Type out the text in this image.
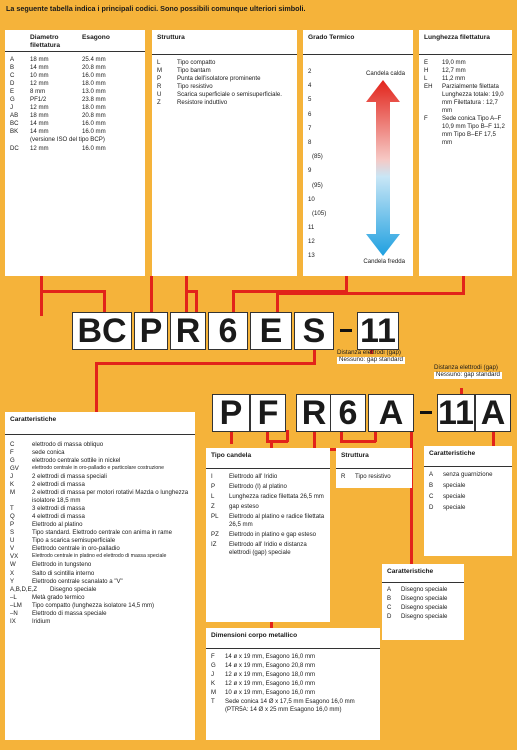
La seguente tabella indica i principali codici. Sono possibili comunque ulteriori simboli.
Diametro filettatura
Esagono
A	18 mm	25.4 mm
B	14 mm	20.8 mm
C	10 mm	16.0 mm
D	12 mm	18.0 mm
E	8 mm	13.0 mm
G	PF1/2	23.8 mm
J	12 mm	18.0 mm
AB	18 mm	20.8 mm
BC	14 mm	16.0 mm
BK	14 mm	16.0 mm
(versione ISO del tipo BCP)
DC	12 mm	16.0 mm
Struttura
L	Tipo compatto
M	Tipo bantam
P	Punta dell'isolatore prominente
R	Tipo resistivo
U	Scarica superficiale o semisuperficiale.
Z	Resistore induttivo
Grado Termico
2
4
5
6
7
8
(85)
9
(95)
10
(105)
11
12
13
Candela calda
Candela fredda
Lunghezza filettatura
E	19,0 mm
H	12,7 mm
L	11,2 mm
EH	Parzialmente filettata Lunghezza totale: 19,0 mm Filettatura : 12,7 mm
F	Sede conica Tipo A–F 10,9 mm Tipo B–F 11,2 mm Tipo B–EF 17,5 mm
BC P R 6 E S 11
Distanza elettrodi (gap)
Nessuno: gap standard
P F R 6 A	11 A
Distanza elettrodi (gap)
Nessuno: gap standard
Caratteristiche
C	elettrodo di massa obliquo
F	sede conica
G	elettrodo centrale sottile in nickel
GV	elettrodo centrale in oro-palladio e particolare costruzione
J	2 elettrodi di massa speciali
K	2 elettrodi di massa
M	2 elettrodi di massa per motori rotativi Mazda o lunghezza isolatore 18,5 mm
T	3 elettrodi di massa
Q	4 elettrodi di massa
P	Elettrodo al platino
S	Tipo standard. Elettrodo centrale con anima in rame
U	Tipo a scarica semisuperficiale
V	Elettrodo centrale in oro-palladio
VX	Elettrodo centrale in platino ed elettrodo di massa speciale
W	Elettrodo in tungsteno
X	Salto di scintilla interno
Y	Elettrodo centrale scanalato a "V"
A,B,D,E,Z	Disegno speciale
–L	Metà grado termico
–LM	Tipo compatto (lunghezza isolatore 14,5 mm)
–N	Elettrodo di massa speciale
IX	Iridium
Tipo candela
I	Elettrodo all' Iridio
P	Elettrodo (I) al platino
L	Lunghezza radice filettata 26,5 mm
Z	gap esteso
PL	Elettrodo al platino e radice filettata 26,5 mm
PZ	Elettrodo in platino e gap esteso
IZ	Elettrodo all' Iridio e distanza elettrodi (gap) speciale
Struttura
R	Tipo resistivo
Caratteristiche
A	senza guarnizione
B	speciale
C	speciale
D	speciale
Caratteristiche
A	Disegno speciale
B	Disegno speciale
C	Disegno speciale
D	Disegno speciale
Dimensioni corpo metallico
F	14 ø x 19 mm, Esagono 16,0 mm
G	14 ø x 19 mm, Esagono 20,8 mm
J	12 ø x 19 mm, Esagono 18,0 mm
K	12 ø x 19 mm, Esagono 16,0 mm
M	10 ø x 19 mm, Esagono 16,0 mm
T	Sede conica 14 Ø x 17,5 mm Esagono 16,0 mm (PTR5A: 14 Ø x 25 mm Esagono 16,0 mm)
